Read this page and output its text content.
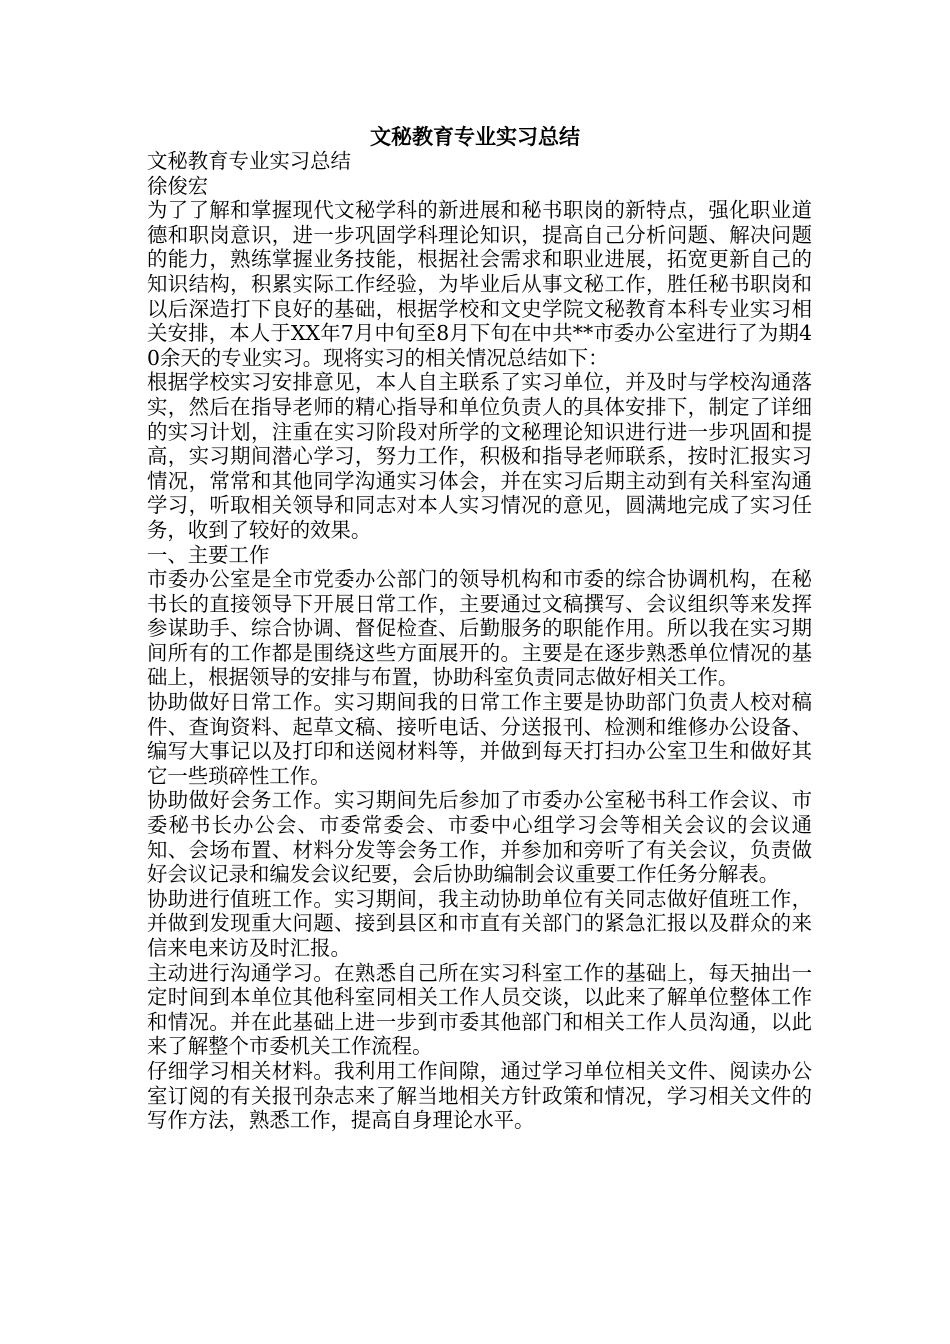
文秘教育专业实习总结

文秘教育专业实习总结

徐俊宏

为了了解和掌握现代文秘学科的新进展和秘书职岗的新特点，强化职业道德和职岗意识，进一步巩固学科理论知识，提高自己分析问题、解决问题的能力，熟练掌握业务技能，根据社会需求和职业进展，拓宽更新自己的知识结构，积累实际工作经验，为毕业后从事文秘工作，胜任秘书职岗和以后深造打下良好的基础，根据学校和文史学院文秘教育本科专业实习相关安排，本人于XX年7月中旬至8月下旬在中共**市委办公室进行了为期40余天的专业实习。现将实习的相关情况总结如下：

根据学校实习安排意见，本人自主联系了实习单位，并及时与学校沟通落实，然后在指导老师的精心指导和单位负责人的具体安排下，制定了详细的实习计划，注重在实习阶段对所学的文秘理论知识进行进一步巩固和提高，实习期间潜心学习，努力工作，积极和指导老师联系，按时汇报实习情况，常常和其他同学沟通实习体会，并在实习后期主动到有关科室沟通学习，听取相关领导和同志对本人实习情况的意见，圆满地完成了实习任务，收到了较好的效果。

一、主要工作

市委办公室是全市党委办公部门的领导机构和市委的综合协调机构，在秘书长的直接领导下开展日常工作，主要通过文稿撰写、会议组织等来发挥参谋助手、综合协调、督促检查、后勤服务的职能作用。所以我在实习期间所有的工作都是围绕这些方面展开的。主要是在逐步熟悉单位情况的基础上，根据领导的安排与布置，协助科室负责同志做好相关工作。

协助做好日常工作。实习期间我的日常工作主要是协助部门负责人校对稿件、查询资料、起草文稿、接听电话、分送报刊、检测和维修办公设备、编写大事记以及打印和送阅材料等，并做到每天打扫办公室卫生和做好其它一些琐碎性工作。

协助做好会务工作。实习期间先后参加了市委办公室秘书科工作会议、市委秘书长办公会、市委常委会、市委中心组学习会等相关会议的会议通知、会场布置、材料分发等会务工作，并参加和旁听了有关会议，负责做好会议记录和编发会议纪要，会后协助编制会议重要工作任务分解表。

协助进行值班工作。实习期间，我主动协助单位有关同志做好值班工作，并做到发现重大问题、接到县区和市直有关部门的紧急汇报以及群众的来信来电来访及时汇报。

主动进行沟通学习。在熟悉自己所在实习科室工作的基础上，每天抽出一定时间到本单位其他科室同相关工作人员交谈，以此来了解单位整体工作和情况。并在此基础上进一步到市委其他部门和相关工作人员沟通，以此来了解整个市委机关工作流程。

仔细学习相关材料。我利用工作间隙，通过学习单位相关文件、阅读办公室订阅的有关报刊杂志来了解当地相关方针政策和情况，学习相关文件的写作方法，熟悉工作，提高自身理论水平。
